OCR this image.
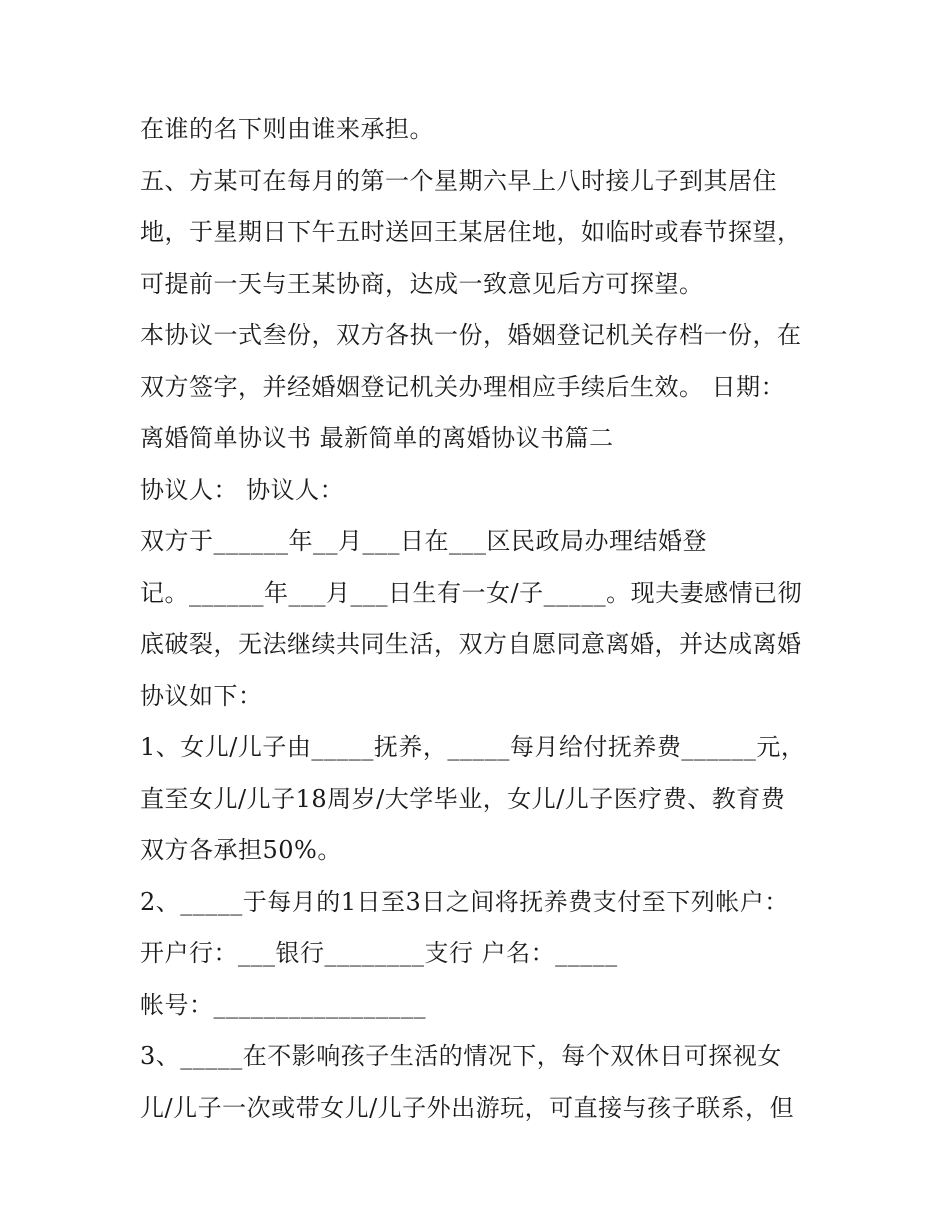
在谁的名下则由谁来承担。
五、方某可在每月的第一个星期六早上八时接儿子到其居住
地，于星期日下午五时送回王某居住地，如临时或春节探望，
可提前一天与王某协商，达成一致意见后方可探望。
本协议一式叁份，双方各执一份，婚姻登记机关存档一份，在
双方签字，并经婚姻登记机关办理相应手续后生效。 日期：
离婚简单协议书 最新简单的离婚协议书篇二
协议人： 协议人：
双方于______年__月___日在___区民政局办理结婚登
记。______年___月___日生有一女/子_____。现夫妻感情已彻
底破裂，无法继续共同生活，双方自愿同意离婚，并达成离婚
协议如下：
1、女儿/儿子由_____抚养，_____每月给付抚养费______元，
直至女儿/儿子18周岁/大学毕业，女儿/儿子医疗费、教育费
双方各承担50%。
2、_____于每月的1日至3日之间将抚养费支付至下列帐户：
开户行：___银行________支行 户名：_____
帐号：_________________
3、_____在不影响孩子生活的情况下，每个双休日可探视女
儿/儿子一次或带女儿/儿子外出游玩，可直接与孩子联系，但
